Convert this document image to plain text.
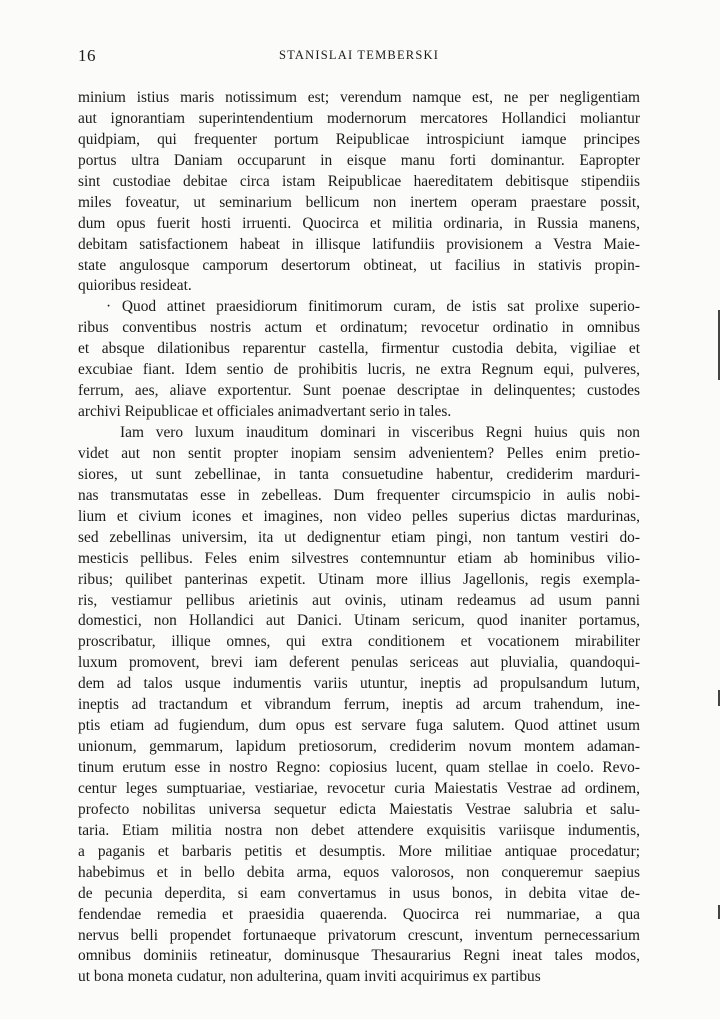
16	STANISLAI TEMBERSKI
minium istius maris notissimum est; verendum namque est, ne per negligentiam
aut ignorantiam superintendentium modernorum mercatores Hollandici moliantur
quidpiam, qui frequenter portum Reipublicae introspiciunt iamque principes
portus ultra Daniam occuparunt in eisque manu forti dominantur. Eapropter
sint custodiae debitae circa istam Reipublicae haereditatem debitisque stipendiis
miles foveatur, ut seminarium bellicum non inertem operam praestare possit,
dum opus fuerit hosti irruenti. Quocirca et militia ordinaria, in Russia manens,
debitam satisfactionem habeat in illisque latifundiis provisionem a Vestra Maie-
state angulosque camporum desertorum obtineat, ut facilius in stativis propin-
quioribus resideat.
· Quod attinet praesidiorum finitimorum curam, de istis sat prolixe superio-
ribus conventibus nostris actum et ordinatum; revocetur ordinatio in omnibus
et absque dilationibus reparentur castella, firmentur custodia debita, vigiliae et
excubiae fiant. Idem sentio de prohibitis lucris, ne extra Regnum equi, pulveres,
ferrum, aes, aliave exportentur. Sunt poenae descriptae in delinquentes; custodes
archivi Reipublicae et officiales animadvertant serio in tales.
Iam vero luxum inauditum dominari in visceribus Regni huius quis non
videt aut non sentit propter inopiam sensim advenientem? Pelles enim pretio-
siores, ut sunt zebellinae, in tanta consuetudine habentur, crediderim marduri-
nas transmutatas esse in zebelleas. Dum frequenter circumspicio in aulis nobi-
lium et civium icones et imagines, non video pelles superius dictas mardurinas,
sed zebellinas universim, ita ut dedignentur etiam pingi, non tantum vestiri do-
mesticis pellibus. Feles enim silvestres contemnuntur etiam ab hominibus vilio-
ribus; quilibet panterinas expetit. Utinam more illius Jagellonis, regis exempla-
ris, vestiamur pellibus arietinis aut ovinis, utinam redeamus ad usum panni
domestici, non Hollandici aut Danici. Utinam sericum, quod inaniter portamus,
proscribatur, illique omnes, qui extra conditionem et vocationem mirabiliter
luxum promovent, brevi iam deferent penulas sericeas aut pluvialia, quandoqui-
dem ad talos usque indumentis variis utuntur, ineptis ad propulsandum lutum,
ineptis ad tractandum et vibrandum ferrum, ineptis ad arcum trahendum, ine-
ptis etiam ad fugiendum, dum opus est servare fuga salutem. Quod attinet usum
unionum, gemmarum, lapidum pretiosorum, crediderim novum montem adaman-
tinum erutum esse in nostro Regno: copiosius lucent, quam stellae in coelo. Revo-
centur leges sumptuariae, vestiariae, revocetur curia Maiestatis Vestrae ad ordinem,
profecto nobilitas universa sequetur edicta Maiestatis Vestrae salubria et salu-
taria. Etiam militia nostra non debet attendere exquisitis variisque indumentis,
a paganis et barbaris petitis et desumptis. More militiae antiquae procedatur;
habebimus et in bello debita arma, equos valorosos, non conqueremur saepius
de pecunia deperdita, si eam convertamus in usus bonos, in debita vitae de-
fendendae remedia et praesidia quaerenda. Quocirca rei nummariae, a qua
nervus belli propendet fortunaeque privatorum crescunt, inventum pernecessarium
omnibus dominiis retineatur, dominusque Thesaurarius Regni ineat tales modos,
ut bona moneta cudatur, non adulterina, quam inviti acquirimus ex partibus
